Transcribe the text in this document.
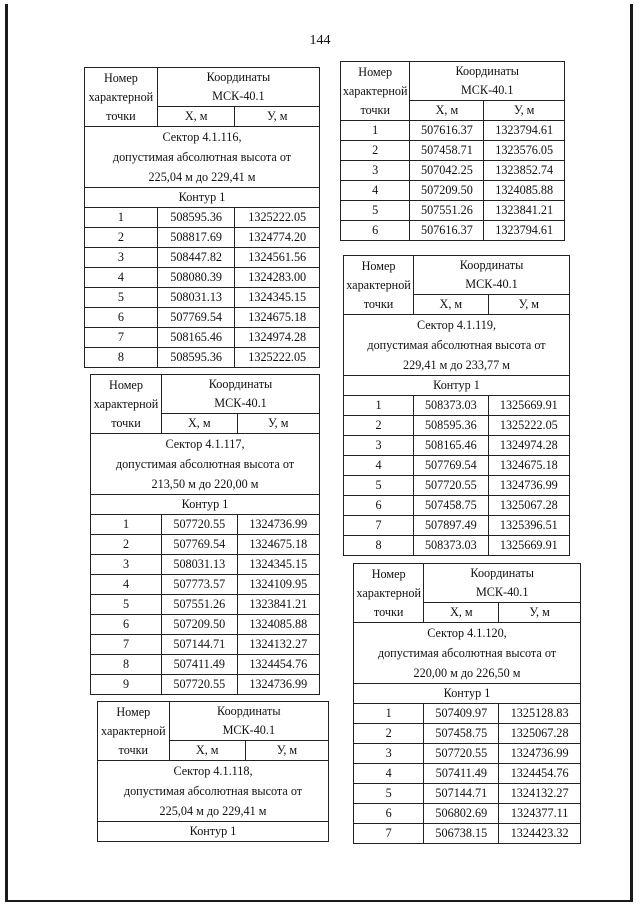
144
Номер
характерной
точки	Координаты
МСК-40.1	

	X, м	У, м

Сектор 4.1.116,
допустимая абсолютная высота от
225,04 м до 229,41 м		

Контур 1		
1	508595.36	1325222.05
2	508817.69	1324774.20
3	508447.82	1324561.56
4	508080.39	1324283.00
5	508031.13	1324345.15
6	507769.54	1324675.18
7	508165.46	1324974.28
8	508595.36	1325222.05
Номер
характерной
точки	Координаты
МСК-40.1	

	X, м	У, м

Сектор 4.1.117,
допустимая абсолютная высота от
213,50 м до 220,00 м		

Контур 1		
1	507720.55	1324736.99
2	507769.54	1324675.18
3	508031.13	1324345.15
4	507773.57	1324109.95
5	507551.26	1323841.21
6	507209.50	1324085.88
7	507144.71	1324132.27
8	507411.49	1324454.76
9	507720.55	1324736.99
Номер
характерной
точки	Координаты
МСК-40.1	

	X, м	У, м

Сектор 4.1.118,
допустимая абсолютная высота от
225,04 м до 229,41 м		

Контур 1		
Номер
характерной
точки	Координаты
МСК-40.1	

	X, м	У, м
1	507616.37	1323794.61
2	507458.71	1323576.05
3	507042.25	1323852.74
4	507209.50	1324085.88
5	507551.26	1323841.21
6	507616.37	1323794.61
Номер
характерной
точки	Координаты
МСК-40.1	

	X, м	У, м

Сектор 4.1.119,
допустимая абсолютная высота от
229,41 м до 233,77 м		

Контур 1		
1	508373.03	1325669.91
2	508595.36	1325222.05
3	508165.46	1324974.28
4	507769.54	1324675.18
5	507720.55	1324736.99
6	507458.75	1325067.28
7	507897.49	1325396.51
8	508373.03	1325669.91
Номер
характерной
точки	Координаты
МСК-40.1	

	X, м	У, м

Сектор 4.1.120,
допустимая абсолютная высота от
220,00 м до 226,50 м		

Контур 1		
1	507409.97	1325128.83
2	507458.75	1325067.28
3	507720.55	1324736.99
4	507411.49	1324454.76
5	507144.71	1324132.27
6	506802.69	1324377.11
7	506738.15	1324423.32
